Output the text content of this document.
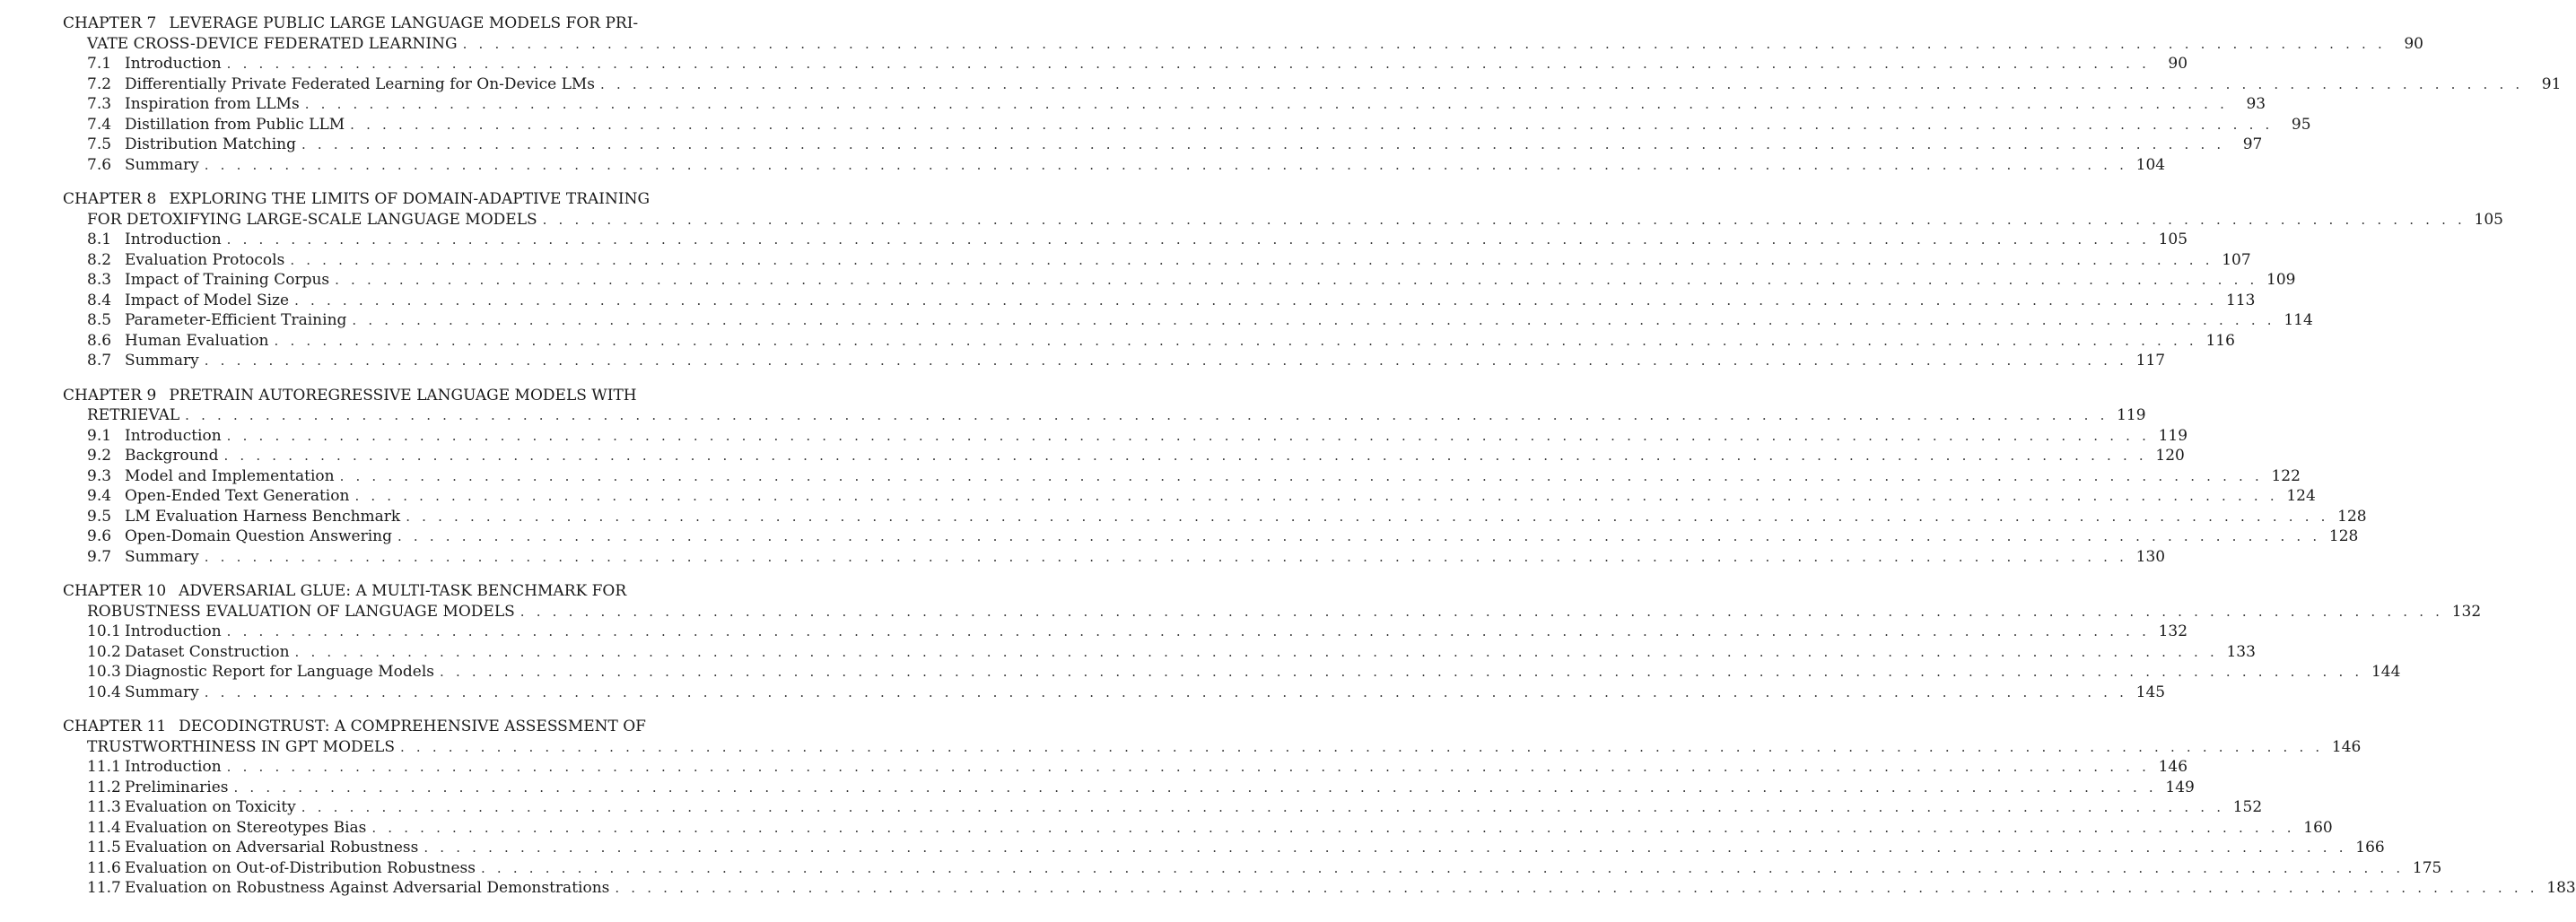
CHAPTER 7 LEVERAGE PUBLIC LARGE LANGUAGE MODELS FOR PRI-
VATE CROSS-DEVICE FEDERATED LEARNING . . . . . . . . . . . . . . . . . . . . . . . . . . . . . . . . . . . . . . . . . . . . . . . . . . . . . . . . . . . . . . . . . . . . . . . . . . . . . . . . . . . . . . . . . . . . . . . . . . . . . . . . . . . . . . . . . . . . . . . .	90
7.1 Introduction . . . . . . . . . . . . . . . . . . . . . . . . . . . . . . . . . . . . . . . . . . . . . . . . . . . . . . . . . . . . . . . . . . . . . . . . . . . . . . . . . . . . . . . . . . . . . . . . . . . . . . . . . . . . . . . . . . . . . . . .	90
7.2 Differentially Private Federated Learning for On-Device LMs . . . . . . . . . . . . . . . . . . . . . . . . . . . . . . . . . . . . . . . . . . . . . . . . . . . . . . . . . . . . . . . . . . . . . . . . . . . . . . . . . . . . . . . . . . . . . . . . . . . . . . . . . . . . . . . . . . . . . . . .	91
7.3 Inspiration from LLMs . . . . . . . . . . . . . . . . . . . . . . . . . . . . . . . . . . . . . . . . . . . . . . . . . . . . . . . . . . . . . . . . . . . . . . . . . . . . . . . . . . . . . . . . . . . . . . . . . . . . . . . . . . . . . . . . . . . . . . . .	93
7.4 Distillation from Public LLM . . . . . . . . . . . . . . . . . . . . . . . . . . . . . . . . . . . . . . . . . . . . . . . . . . . . . . . . . . . . . . . . . . . . . . . . . . . . . . . . . . . . . . . . . . . . . . . . . . . . . . . . . . . . . . . . . . . . . . . .	95
7.5 Distribution Matching . . . . . . . . . . . . . . . . . . . . . . . . . . . . . . . . . . . . . . . . . . . . . . . . . . . . . . . . . . . . . . . . . . . . . . . . . . . . . . . . . . . . . . . . . . . . . . . . . . . . . . . . . . . . . . . . . . . . . . . .	97
7.6 Summary . . . . . . . . . . . . . . . . . . . . . . . . . . . . . . . . . . . . . . . . . . . . . . . . . . . . . . . . . . . . . . . . . . . . . . . . . . . . . . . . . . . . . . . . . . . . . . . . . . . . . . . . . . . . . . . . . . . . . . . . 104
CHAPTER 8 EXPLORING THE LIMITS OF DOMAIN-ADAPTIVE TRAINING
FOR DETOXIFYING LARGE-SCALE LANGUAGE MODELS . . . . . . . . . . . . . . . . . . . . . . . . . . . . . . . . . . . . . . . . . . . . . . . . . . . . . . . . . . . . . . . . . . . . . . . . . . . . . . . . . . . . . . . . . . . . . . . . . . . . . . . . . . . . . . . . . . . . . . . . 105
8.1 Introduction . . . . . . . . . . . . . . . . . . . . . . . . . . . . . . . . . . . . . . . . . . . . . . . . . . . . . . . . . . . . . . . . . . . . . . . . . . . . . . . . . . . . . . . . . . . . . . . . . . . . . . . . . . . . . . . . . . . . . . . . 105
8.2 Evaluation Protocols . . . . . . . . . . . . . . . . . . . . . . . . . . . . . . . . . . . . . . . . . . . . . . . . . . . . . . . . . . . . . . . . . . . . . . . . . . . . . . . . . . . . . . . . . . . . . . . . . . . . . . . . . . . . . . . . . . . . . . . . 107
8.3 Impact of Training Corpus . . . . . . . . . . . . . . . . . . . . . . . . . . . . . . . . . . . . . . . . . . . . . . . . . . . . . . . . . . . . . . . . . . . . . . . . . . . . . . . . . . . . . . . . . . . . . . . . . . . . . . . . . . . . . . . . . . . . . . . . 109
8.4 Impact of Model Size . . . . . . . . . . . . . . . . . . . . . . . . . . . . . . . . . . . . . . . . . . . . . . . . . . . . . . . . . . . . . . . . . . . . . . . . . . . . . . . . . . . . . . . . . . . . . . . . . . . . . . . . . . . . . . . . . . . . . . . . 113
8.5 Parameter-Efficient Training . . . . . . . . . . . . . . . . . . . . . . . . . . . . . . . . . . . . . . . . . . . . . . . . . . . . . . . . . . . . . . . . . . . . . . . . . . . . . . . . . . . . . . . . . . . . . . . . . . . . . . . . . . . . . . . . . . . . . . . . 114
8.6 Human Evaluation . . . . . . . . . . . . . . . . . . . . . . . . . . . . . . . . . . . . . . . . . . . . . . . . . . . . . . . . . . . . . . . . . . . . . . . . . . . . . . . . . . . . . . . . . . . . . . . . . . . . . . . . . . . . . . . . . . . . . . . . 116
8.7 Summary . . . . . . . . . . . . . . . . . . . . . . . . . . . . . . . . . . . . . . . . . . . . . . . . . . . . . . . . . . . . . . . . . . . . . . . . . . . . . . . . . . . . . . . . . . . . . . . . . . . . . . . . . . . . . . . . . . . . . . . . 117
CHAPTER 9 PRETRAIN AUTOREGRESSIVE LANGUAGE MODELS WITH
RETRIEVAL . . . . . . . . . . . . . . . . . . . . . . . . . . . . . . . . . . . . . . . . . . . . . . . . . . . . . . . . . . . . . . . . . . . . . . . . . . . . . . . . . . . . . . . . . . . . . . . . . . . . . . . . . . . . . . . . . . . . . . . . 119
9.1 Introduction . . . . . . . . . . . . . . . . . . . . . . . . . . . . . . . . . . . . . . . . . . . . . . . . . . . . . . . . . . . . . . . . . . . . . . . . . . . . . . . . . . . . . . . . . . . . . . . . . . . . . . . . . . . . . . . . . . . . . . . . 119
9.2 Background . . . . . . . . . . . . . . . . . . . . . . . . . . . . . . . . . . . . . . . . . . . . . . . . . . . . . . . . . . . . . . . . . . . . . . . . . . . . . . . . . . . . . . . . . . . . . . . . . . . . . . . . . . . . . . . . . . . . . . . . 120
9.3 Model and Implementation . . . . . . . . . . . . . . . . . . . . . . . . . . . . . . . . . . . . . . . . . . . . . . . . . . . . . . . . . . . . . . . . . . . . . . . . . . . . . . . . . . . . . . . . . . . . . . . . . . . . . . . . . . . . . . . . . . . . . . . . 122
9.4 Open-Ended Text Generation . . . . . . . . . . . . . . . . . . . . . . . . . . . . . . . . . . . . . . . . . . . . . . . . . . . . . . . . . . . . . . . . . . . . . . . . . . . . . . . . . . . . . . . . . . . . . . . . . . . . . . . . . . . . . . . . . . . . . . . . 124
9.5 LM Evaluation Harness Benchmark . . . . . . . . . . . . . . . . . . . . . . . . . . . . . . . . . . . . . . . . . . . . . . . . . . . . . . . . . . . . . . . . . . . . . . . . . . . . . . . . . . . . . . . . . . . . . . . . . . . . . . . . . . . . . . . . . . . . . . . . 128
9.6 Open-Domain Question Answering . . . . . . . . . . . . . . . . . . . . . . . . . . . . . . . . . . . . . . . . . . . . . . . . . . . . . . . . . . . . . . . . . . . . . . . . . . . . . . . . . . . . . . . . . . . . . . . . . . . . . . . . . . . . . . . . . . . . . . . . 128
9.7 Summary . . . . . . . . . . . . . . . . . . . . . . . . . . . . . . . . . . . . . . . . . . . . . . . . . . . . . . . . . . . . . . . . . . . . . . . . . . . . . . . . . . . . . . . . . . . . . . . . . . . . . . . . . . . . . . . . . . . . . . . . 130
CHAPTER 10 ADVERSARIAL GLUE: A MULTI-TASK BENCHMARK FOR
ROBUSTNESS EVALUATION OF LANGUAGE MODELS . . . . . . . . . . . . . . . . . . . . . . . . . . . . . . . . . . . . . . . . . . . . . . . . . . . . . . . . . . . . . . . . . . . . . . . . . . . . . . . . . . . . . . . . . . . . . . . . . . . . . . . . . . . . . . . . . . . . . . . . 132
10.1 Introduction . . . . . . . . . . . . . . . . . . . . . . . . . . . . . . . . . . . . . . . . . . . . . . . . . . . . . . . . . . . . . . . . . . . . . . . . . . . . . . . . . . . . . . . . . . . . . . . . . . . . . . . . . . . . . . . . . . . . . . . . 132
10.2 Dataset Construction . . . . . . . . . . . . . . . . . . . . . . . . . . . . . . . . . . . . . . . . . . . . . . . . . . . . . . . . . . . . . . . . . . . . . . . . . . . . . . . . . . . . . . . . . . . . . . . . . . . . . . . . . . . . . . . . . . . . . . . . 133
10.3 Diagnostic Report for Language Models . . . . . . . . . . . . . . . . . . . . . . . . . . . . . . . . . . . . . . . . . . . . . . . . . . . . . . . . . . . . . . . . . . . . . . . . . . . . . . . . . . . . . . . . . . . . . . . . . . . . . . . . . . . . . . . . . . . . . . . . 144
10.4 Summary . . . . . . . . . . . . . . . . . . . . . . . . . . . . . . . . . . . . . . . . . . . . . . . . . . . . . . . . . . . . . . . . . . . . . . . . . . . . . . . . . . . . . . . . . . . . . . . . . . . . . . . . . . . . . . . . . . . . . . . . 145
CHAPTER 11 DECODINGTRUST: A COMPREHENSIVE ASSESSMENT OF
TRUSTWORTHINESS IN GPT MODELS . . . . . . . . . . . . . . . . . . . . . . . . . . . . . . . . . . . . . . . . . . . . . . . . . . . . . . . . . . . . . . . . . . . . . . . . . . . . . . . . . . . . . . . . . . . . . . . . . . . . . . . . . . . . . . . . . . . . . . . . 146
11.1 Introduction . . . . . . . . . . . . . . . . . . . . . . . . . . . . . . . . . . . . . . . . . . . . . . . . . . . . . . . . . . . . . . . . . . . . . . . . . . . . . . . . . . . . . . . . . . . . . . . . . . . . . . . . . . . . . . . . . . . . . . . . 146
11.2 Preliminaries . . . . . . . . . . . . . . . . . . . . . . . . . . . . . . . . . . . . . . . . . . . . . . . . . . . . . . . . . . . . . . . . . . . . . . . . . . . . . . . . . . . . . . . . . . . . . . . . . . . . . . . . . . . . . . . . . . . . . . . . 149
11.3 Evaluation on Toxicity . . . . . . . . . . . . . . . . . . . . . . . . . . . . . . . . . . . . . . . . . . . . . . . . . . . . . . . . . . . . . . . . . . . . . . . . . . . . . . . . . . . . . . . . . . . . . . . . . . . . . . . . . . . . . . . . . . . . . . . . 152
11.4 Evaluation on Stereotypes Bias . . . . . . . . . . . . . . . . . . . . . . . . . . . . . . . . . . . . . . . . . . . . . . . . . . . . . . . . . . . . . . . . . . . . . . . . . . . . . . . . . . . . . . . . . . . . . . . . . . . . . . . . . . . . . . . . . . . . . . . . 160
11.5 Evaluation on Adversarial Robustness . . . . . . . . . . . . . . . . . . . . . . . . . . . . . . . . . . . . . . . . . . . . . . . . . . . . . . . . . . . . . . . . . . . . . . . . . . . . . . . . . . . . . . . . . . . . . . . . . . . . . . . . . . . . . . . . . . . . . . . . 166
11.6 Evaluation on Out-of-Distribution Robustness . . . . . . . . . . . . . . . . . . . . . . . . . . . . . . . . . . . . . . . . . . . . . . . . . . . . . . . . . . . . . . . . . . . . . . . . . . . . . . . . . . . . . . . . . . . . . . . . . . . . . . . . . . . . . . . . . . . . . . . . 175
11.7 Evaluation on Robustness Against Adversarial Demonstrations . . . . . . . . . . . . . . . . . . . . . . . . . . . . . . . . . . . . . . . . . . . . . . . . . . . . . . . . . . . . . . . . . . . . . . . . . . . . . . . . . . . . . . . . . . . . . . . . . . . . . . . . . . . . . . . . . . . . . . . . 183
